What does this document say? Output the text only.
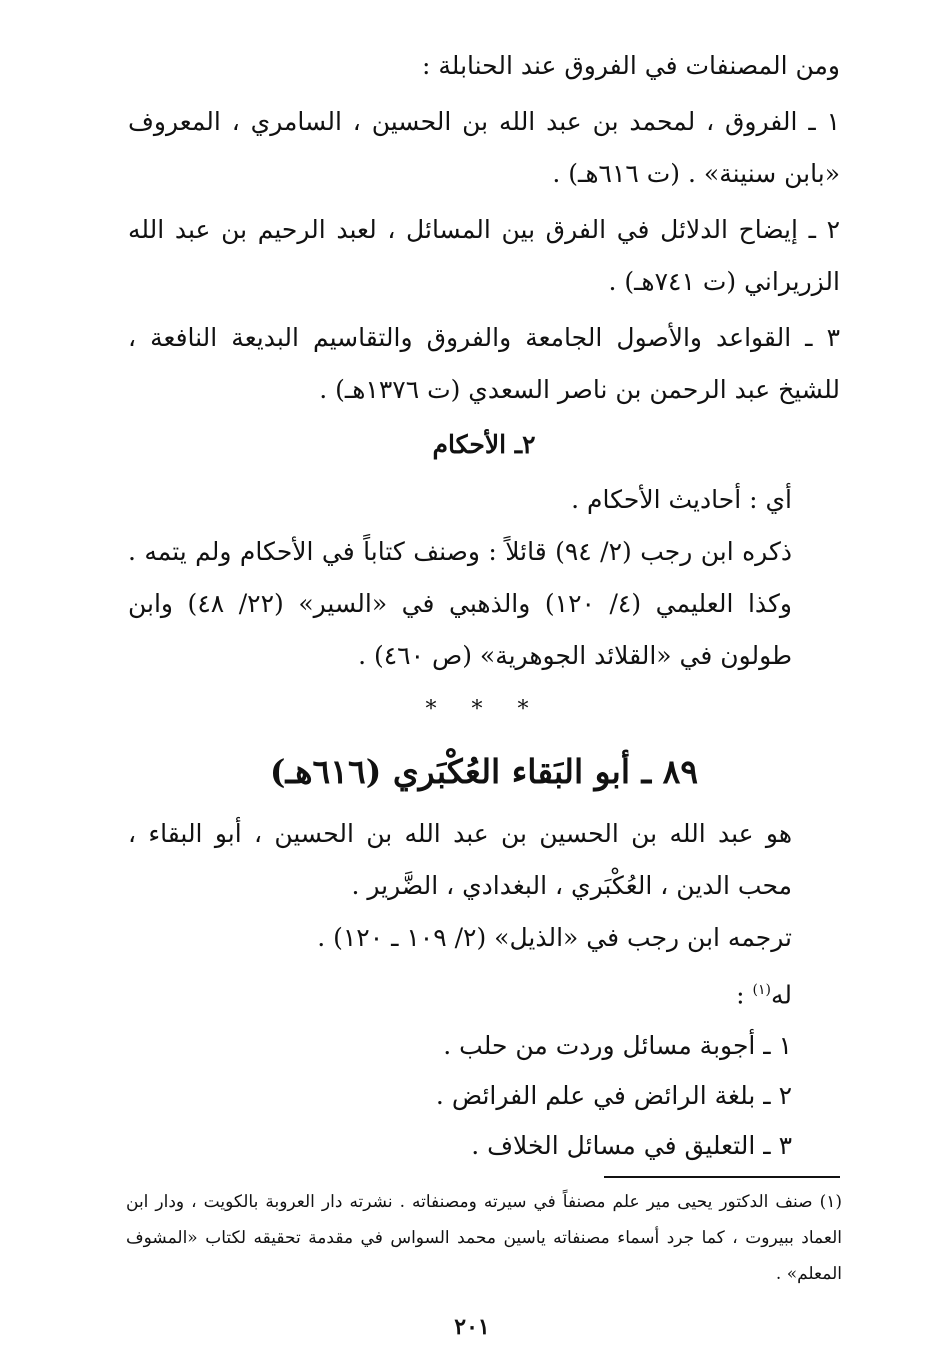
ومن المصنفات في الفروق عند الحنابلة :

١ ـ الفروق ، لمحمد بن عبد الله بن الحسين ، السامري ، المعروف «بابن سنينة» . (ت ٦١٦هـ) .

٢ ـ إيضاح الدلائل في الفرق بين المسائل ، لعبد الرحيم بن عبد الله الزريراني (ت ٧٤١هـ) .

٣ ـ القواعد والأصول الجامعة والفروق والتقاسيم البديعة النافعة ، للشيخ عبد الرحمن بن ناصر السعدي (ت ١٣٧٦هـ) .

٢ـ الأحكام

أي : أحاديث الأحكام .

ذكره ابن رجب (٢/ ٩٤) قائلاً : وصنف كتاباً في الأحكام ولم يتمه . وكذا العليمي (٤/ ١٢٠) والذهبي في «السير» (٢٢/ ٤٨) وابن طولون في «القلائد الجوهرية» (ص ٤٦٠) .

* * *
٨٩ ـ أبو البَقاء العُكْبَري (٦١٦هـ)

هو عبد الله بن الحسين بن عبد الله بن الحسين ، أبو البقاء ، محب الدين ، العُكْبَري ، البغدادي ، الضَّرير .

ترجمه ابن رجب في «الذيل» (٢/ ١٠٩ ـ ١٢٠) .

له$^{(١)}$ :

١ ـ أجوبة مسائل وردت من حلب .

٢ ـ بلغة الرائض في علم الفرائض .

٣ ـ التعليق في مسائل الخلاف .

(١) صنف الدكتور يحيى مير علم مصنفاً في سيرته ومصنفاته . نشرته دار العروبة بالكويت ، ودار ابن العماد ببيروت ، كما جرد أسماء مصنفاته ياسين محمد السواس في مقدمة تحقيقه لكتاب «المشوف المعلم» .

٢٠١
